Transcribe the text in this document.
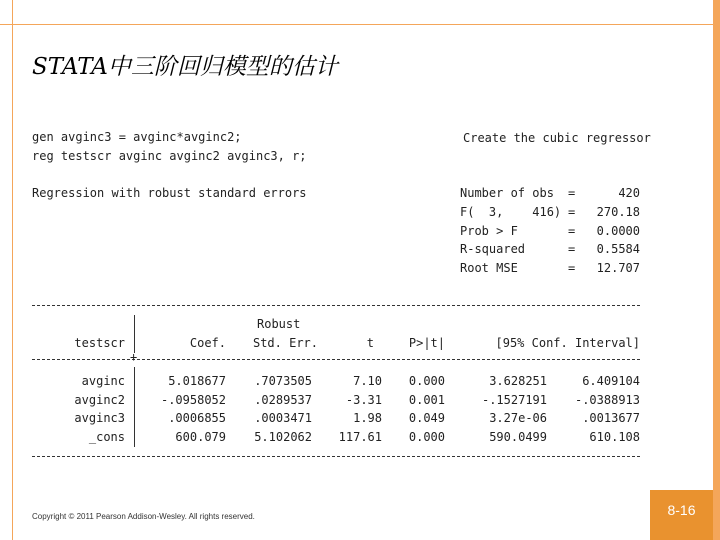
STATA中三阶回归模型的估计
gen avginc3 = avginc*avginc2;
reg testscr avginc avginc2 avginc3, r;
Create the cubic regressor
Regression with robust standard errors	Number of obs =	420
F(  3,    416) =	270.18
Prob > F	=	0.0000
R-squared	=	0.5584
Root MSE	=	12.707
Robust
testscr	Coef.	Std. Err.	t	P>|t|	[95% Conf. Interval]
+
avginc	5.018677	.7073505	7.10	0.000	3.628251	6.409104
avginc2	-.0958052	.0289537	-3.31	0.001	-.1527191	-.0388913
avginc3	.0006855	.0003471	1.98	0.049	3.27e-06	.0013677
_cons	600.079	5.102062	117.61	0.000	590.0499	610.108
Copyright © 2011 Pearson Addison-Wesley. All rights reserved.	8-16
